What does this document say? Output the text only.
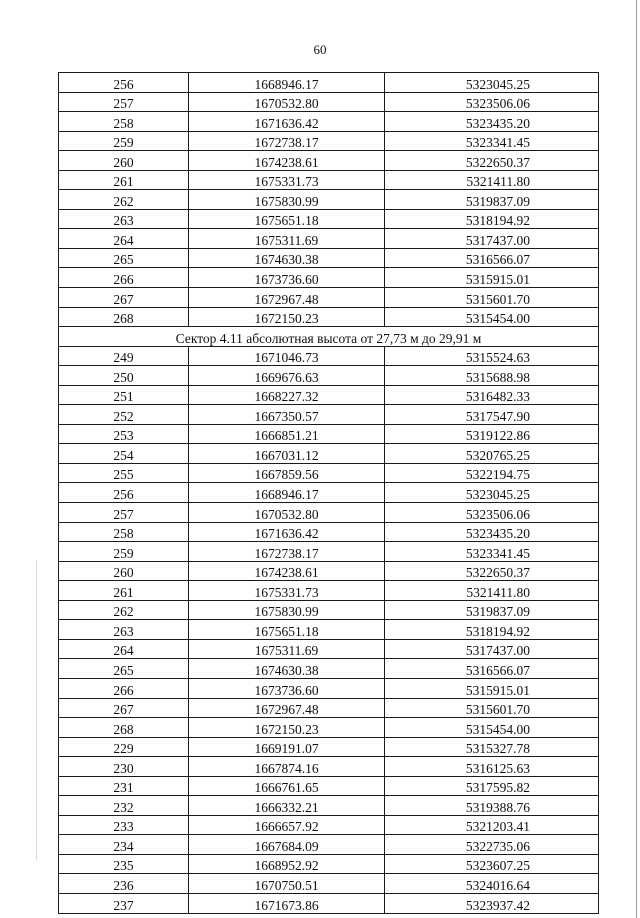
60
256	1668946.17	5323045.25
257	1670532.80	5323506.06
258	1671636.42	5323435.20
259	1672738.17	5323341.45
260	1674238.61	5322650.37
261	1675331.73	5321411.80
262	1675830.99	5319837.09
263	1675651.18	5318194.92
264	1675311.69	5317437.00
265	1674630.38	5316566.07
266	1673736.60	5315915.01
267	1672967.48	5315601.70
268	1672150.23	5315454.00
Сектор 4.11 абсолютная высота от 27,73 м до 29,91 м		
249	1671046.73	5315524.63
250	1669676.63	5315688.98
251	1668227.32	5316482.33
252	1667350.57	5317547.90
253	1666851.21	5319122.86
254	1667031.12	5320765.25
255	1667859.56	5322194.75
256	1668946.17	5323045.25
257	1670532.80	5323506.06
258	1671636.42	5323435.20
259	1672738.17	5323341.45
260	1674238.61	5322650.37
261	1675331.73	5321411.80
262	1675830.99	5319837.09
263	1675651.18	5318194.92
264	1675311.69	5317437.00
265	1674630.38	5316566.07
266	1673736.60	5315915.01
267	1672967.48	5315601.70
268	1672150.23	5315454.00
229	1669191.07	5315327.78
230	1667874.16	5316125.63
231	1666761.65	5317595.82
232	1666332.21	5319388.76
233	1666657.92	5321203.41
234	1667684.09	5322735.06
235	1668952.92	5323607.25
236	1670750.51	5324016.64
237	1671673.86	5323937.42
